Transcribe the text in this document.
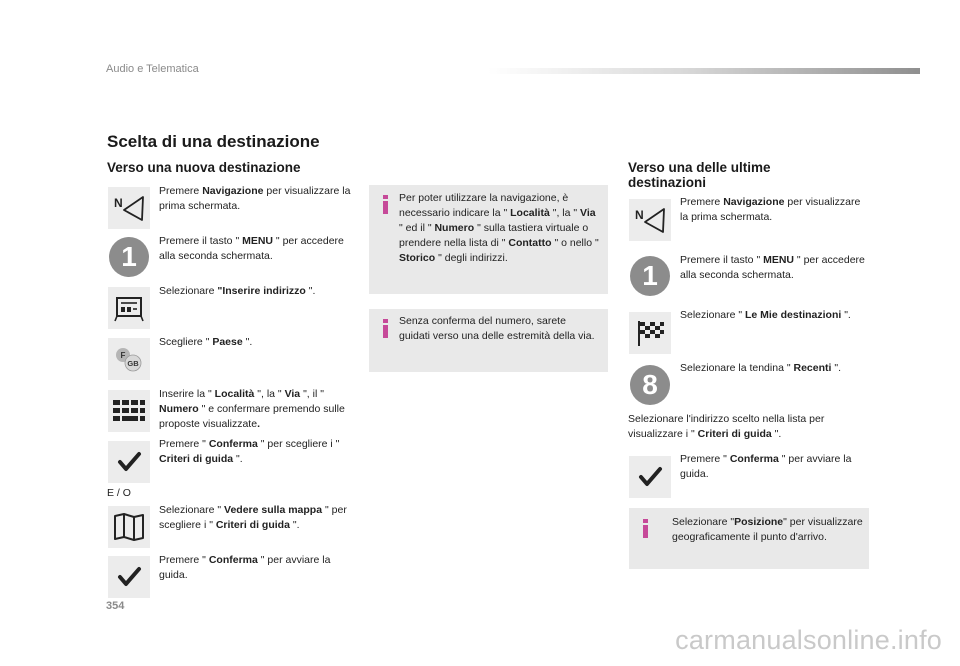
Audio e Telematica
Scelta di una destinazione
Verso una nuova destinazione
N
Premere Navigazione per visualizzare la prima schermata.
1	Premere il tasto " MENU " per accedere alla seconda schermata.
Selezionare "Inserire indirizzo ".
F
GB
Scegliere " Paese ".
Inserire la " Località ", la " Via ", il " Numero " e confermare premendo sulle proposte visualizzate.
Premere " Conferma " per scegliere i " Criteri di guida ".
E / O
Selezionare " Vedere sulla mappa " per scegliere i " Criteri di guida ".
Premere " Conferma " per avviare la guida.
Per poter utilizzare la navigazione, è necessario indicare la " Località ", la " Via " ed il " Numero " sulla tastiera virtuale o prendere nella lista di " Contatto " o nello " Storico " degli indirizzi.
Senza conferma del numero, sarete guidati verso una delle estremità della via.
Verso una delle ultime
destinazioni
N
Premere Navigazione per visualizzare la prima schermata.
1	Premere il tasto " MENU " per accedere alla seconda schermata.
Selezionare " Le Mie destinazioni ".
8
Selezionare la tendina " Recenti ".
Selezionare l'indirizzo scelto nella lista per visualizzare i " Criteri di guida ".
Premere " Conferma " per avviare la guida.
Selezionare "Posizione" per visualizzare geograficamente il punto d'arrivo.
354
carmanualsonline.info
